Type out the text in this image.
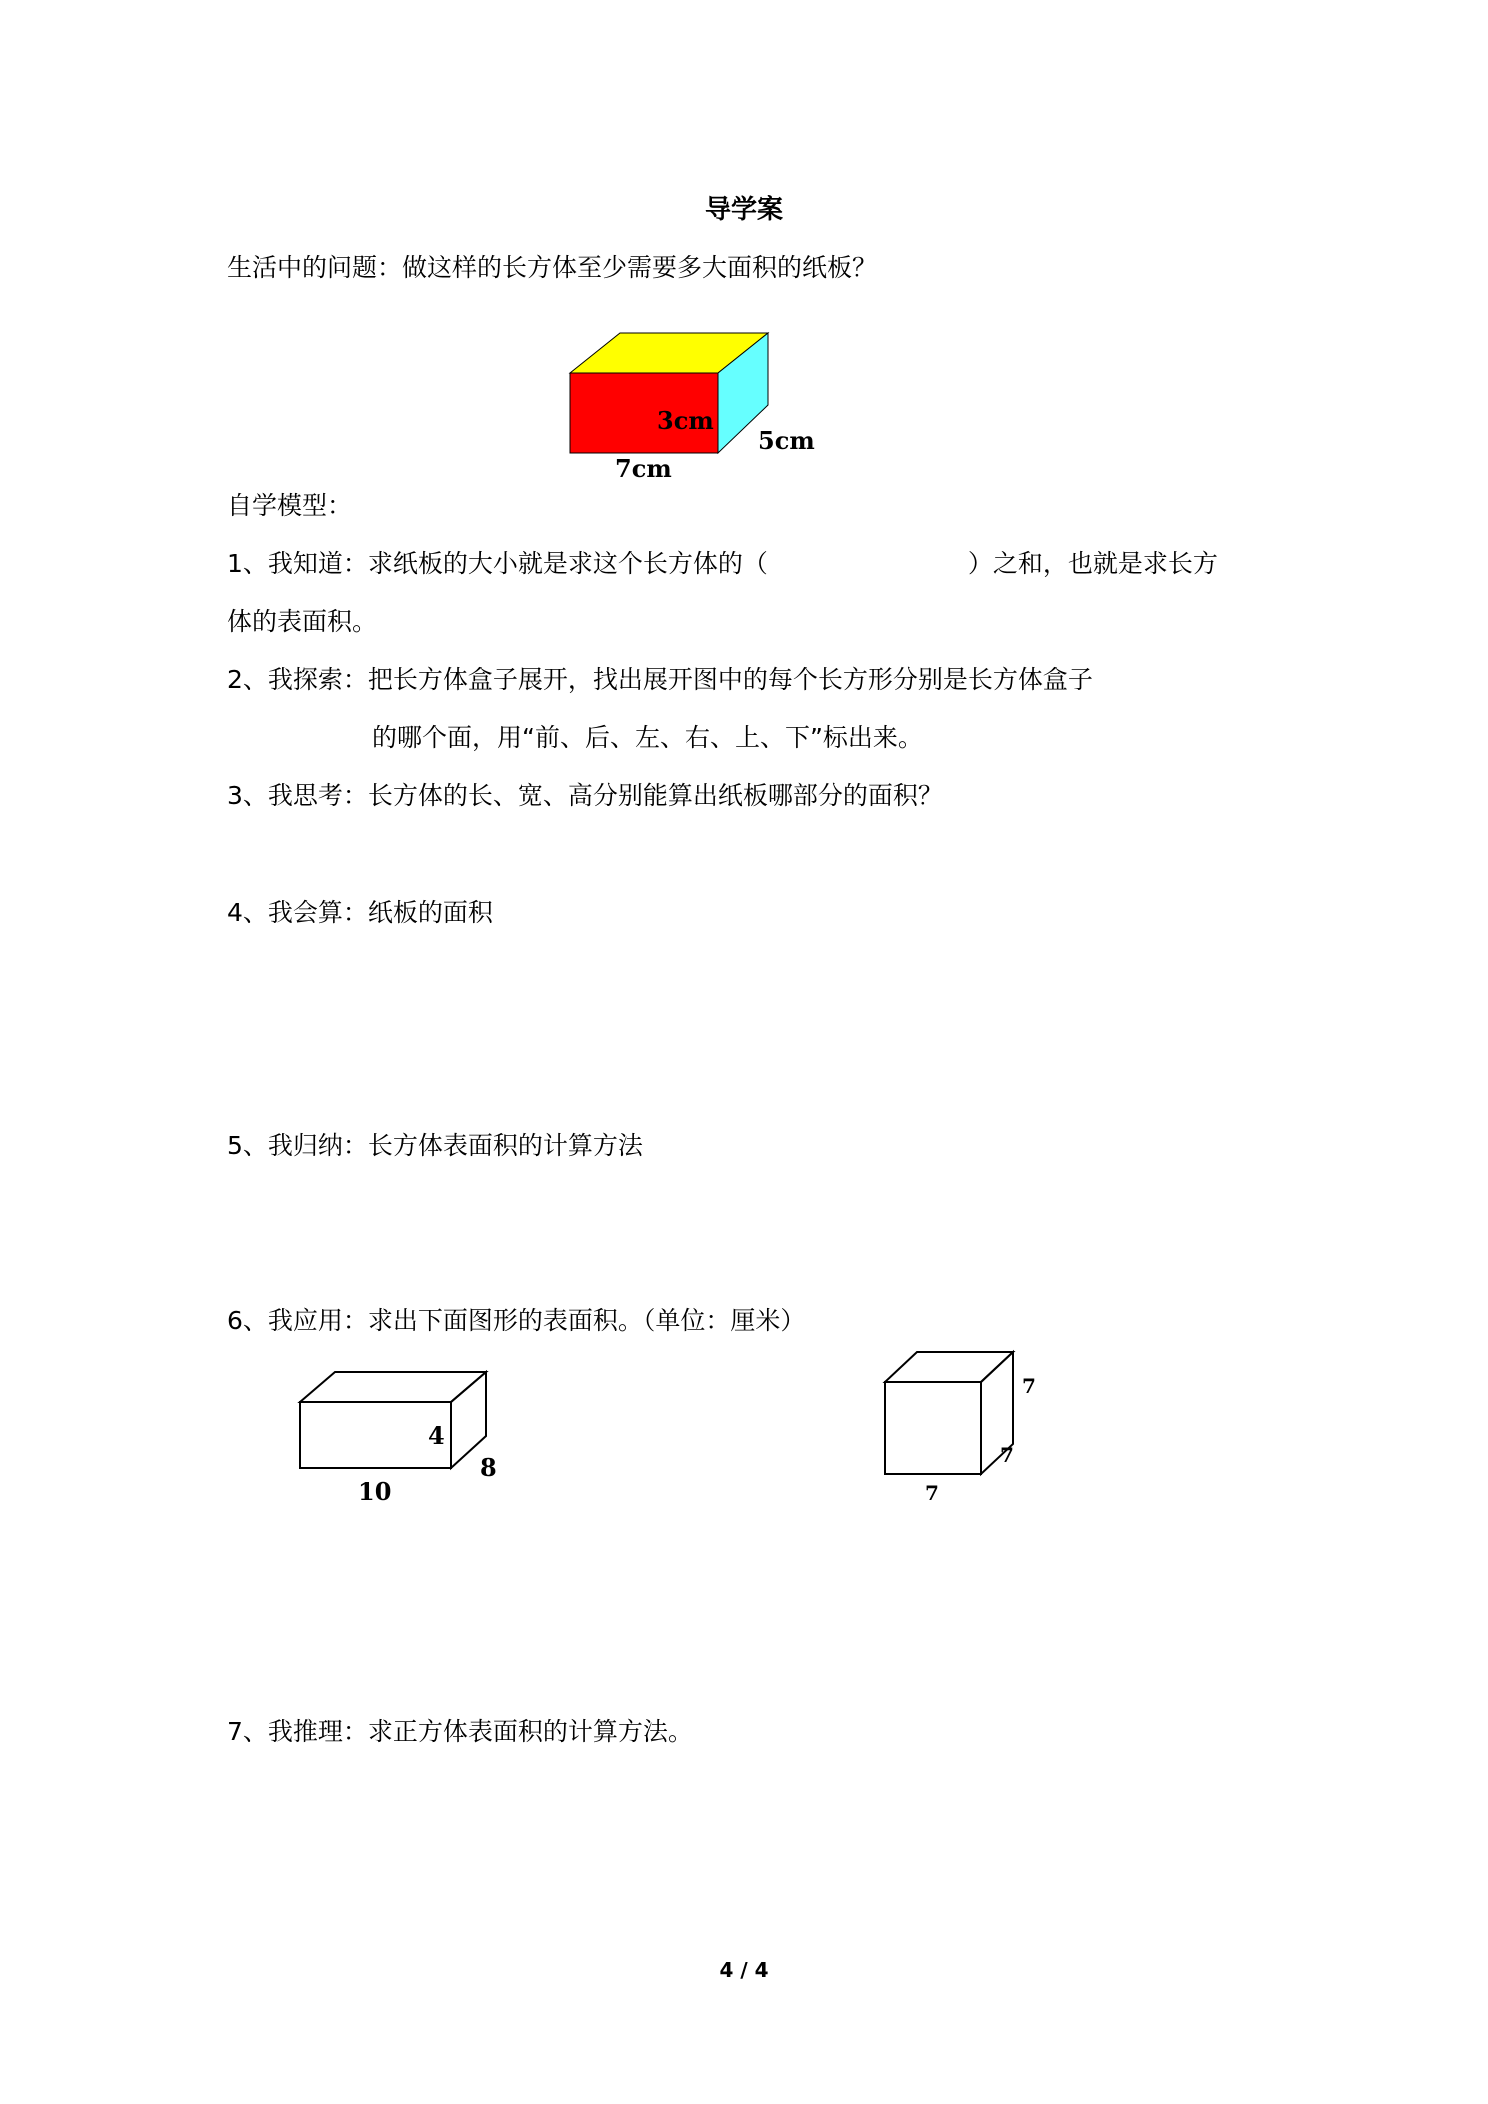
导学案
生活中的问题：做这样的长方体至少需要多大面积的纸板？
3cm
5cm
7cm
自学模型：
1、我知道：求纸板的大小就是求这个长方体的（	）之和，也就是求长方
体的表面积。
2、我探索：把长方体盒子展开，找出展开图中的每个长方形分别是长方体盒子
的哪个面，用“前、后、左、右、上、下”标出来。
3、我思考：长方体的长、宽、高分别能算出纸板哪部分的面积？
4、我会算：纸板的面积
5、我归纳：长方体表面积的计算方法
6、我应用：求出下面图形的表面积。（单位：厘米）
4
8
10
7
7
7
7、我推理：求正方体表面积的计算方法。
4 / 4
